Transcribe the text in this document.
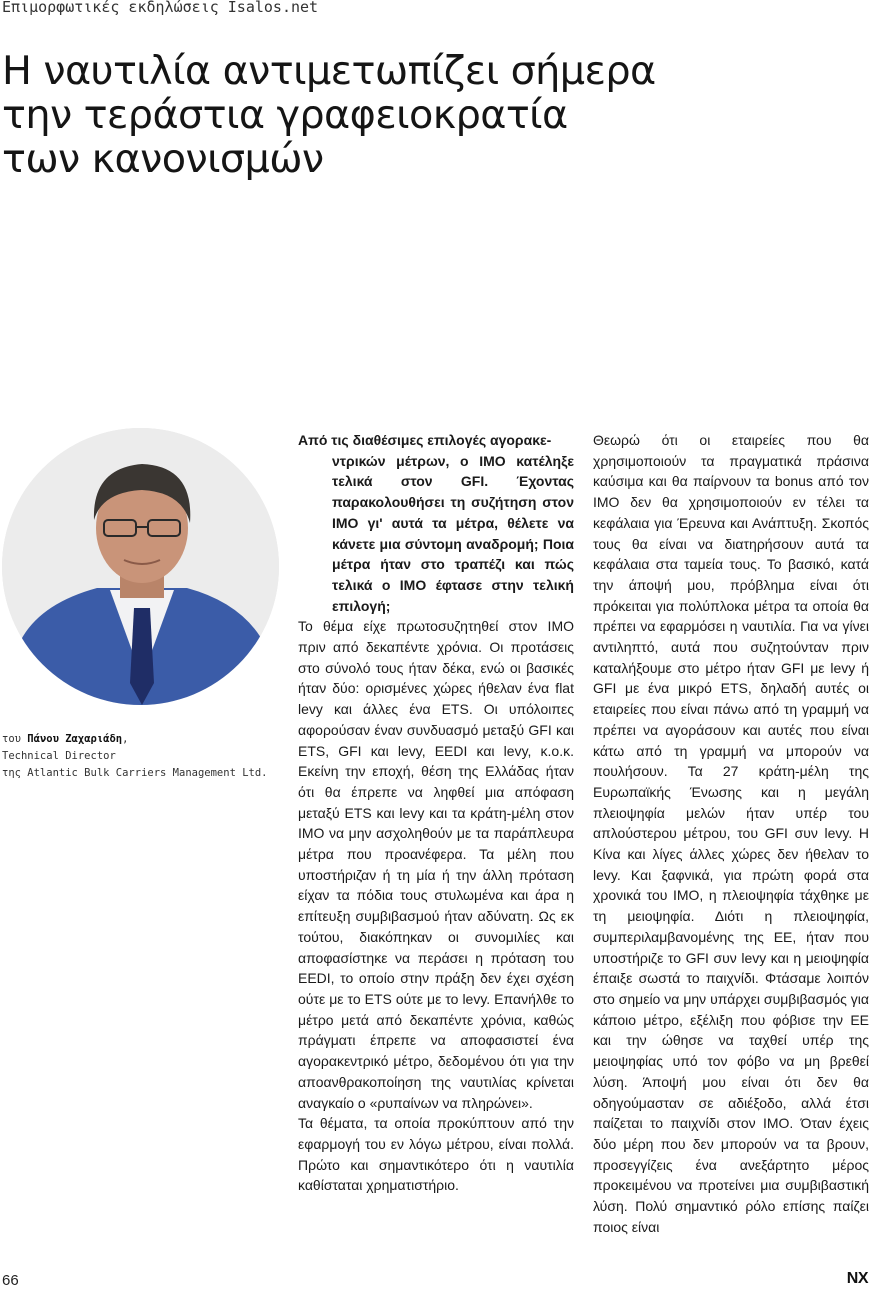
Επιμορφωτικές εκδηλώσεις Isalos.net
Η ναυτιλία αντιμετωπίζει σήμερα
την τεράστια γραφειοκρατία
των κανονισμών
του Πάνου Ζαχαριάδη,
Technical Director
της Atlantic Bulk Carriers Management Ltd.

Από τις διαθέσιμες επιλογές αγορακε-
ντρικών μέτρων, ο ΙΜΟ κατέληξε τελικά στον GFI. Έχοντας παρακολουθήσει τη συζήτηση στον ΙΜΟ γι' αυτά τα μέτρα, θέλετε να κάνετε μια σύντομη αναδρομή; Ποια μέτρα ήταν στο τραπέζι και πώς τελικά ο ΙΜΟ έφτασε στην τελική επιλογή;

Το θέμα είχε πρωτοσυζητηθεί στον ΙΜΟ πριν από δεκαπέντε χρόνια. Οι προτάσεις στο σύνολό τους ήταν δέκα, ενώ οι βασικές ήταν δύο: ορισμένες χώρες ήθελαν ένα flat levy και άλλες ένα ETS. Οι υπόλοιπες αφορούσαν έναν συνδυασμό μεταξύ GFI και ETS, GFI και levy, EEDI και levy, κ.ο.κ. Εκείνη την εποχή, θέση της Ελλάδας ήταν ότι θα έπρεπε να ληφθεί μια απόφαση μεταξύ ETS και levy και τα κράτη-μέλη στον ΙΜΟ να μην ασχοληθούν με τα παράπλευρα μέτρα που προανέφερα. Τα μέλη που υποστήριζαν ή τη μία ή την άλλη πρόταση είχαν τα πόδια τους στυλωμένα και άρα η επίτευξη συμβιβασμού ήταν αδύνατη. Ως εκ τούτου, διακόπηκαν οι συνομιλίες και αποφασίστηκε να περάσει η πρόταση του EEDI, το οποίο στην πράξη δεν έχει σχέση ούτε με το ETS ούτε με το levy. Επανήλθε το μέτρο μετά από δεκαπέντε χρόνια, καθώς πράγματι έπρεπε να αποφασιστεί ένα αγορακεντρικό μέτρο, δεδομένου ότι για την απoανθρακοποίηση της ναυτιλίας κρίνεται αναγκαίο ο «ρυπαίνων να πληρώνει».

Τα θέματα, τα οποία προκύπτουν από την εφαρμογή του εν λόγω μέτρου, είναι πολλά. Πρώτο και σημαντικότερο ότι η ναυτιλία καθίσταται χρηματιστήριο.

Θεωρώ ότι οι εταιρείες που θα χρησιμοποιούν τα πραγματικά πράσινα καύσιμα και θα παίρνουν τα bonus από τον ΙΜΟ δεν θα χρησιμοποιούν εν τέλει τα κεφάλαια για Έρευνα και Ανάπτυξη. Σκοπός τους θα είναι να διατηρήσουν αυτά τα κεφάλαια στα ταμεία τους. Το βασικό, κατά την άποψή μου, πρόβλημα είναι ότι πρόκειται για πολύπλοκα μέτρα τα οποία θα πρέπει να εφαρμόσει η ναυτιλία. Για να γίνει αντιληπτό, αυτά που συζητούνταν πριν καταλήξουμε στο μέτρο ήταν GFI με levy ή GFI με ένα μικρό ETS, δηλαδή αυτές οι εταιρείες που είναι πάνω από τη γραμμή να πρέπει να αγοράσουν και αυτές που είναι κάτω από τη γραμμή να μπορούν να πουλήσουν. Τα 27 κράτη-μέλη της Ευρωπαϊκής Ένωσης και η μεγάλη πλειοψηφία μελών ήταν υπέρ του απλούστερου μέτρου, του GFI συν levy. Η Κίνα και λίγες άλλες χώρες δεν ήθελαν το levy. Και ξαφνικά, για πρώτη φορά στα χρονικά του ΙΜΟ, η πλειοψηφία τάχθηκε με τη μειοψηφία. Διότι η πλειοψηφία, συμπεριλαμβανομένης της ΕΕ, ήταν που υποστήριζε το GFI συν levy και η μειοψηφία έπαιξε σωστά το παιχνίδι. Φτάσαμε λοιπόν στο σημείο να μην υπάρχει συμβιβασμός για κάποιο μέτρο, εξέλιξη που φόβισε την ΕΕ και την ώθησε να ταχθεί υπέρ της μειοψηφίας υπό τον φόβο να μη βρεθεί λύση. Άποψή μου είναι ότι δεν θα οδηγούμασταν σε αδιέξοδο, αλλά έτσι παίζεται το παιχνίδι στον ΙΜΟ. Όταν έχεις δύο μέρη που δεν μπορούν να τα βρουν, προσεγγίζεις ένα ανεξάρτητο μέρος προκειμένου να προτείνει μια συμβιβαστική λύση. Πολύ σημαντικό ρόλο επίσης παίζει ποιος είναι

66	NX
